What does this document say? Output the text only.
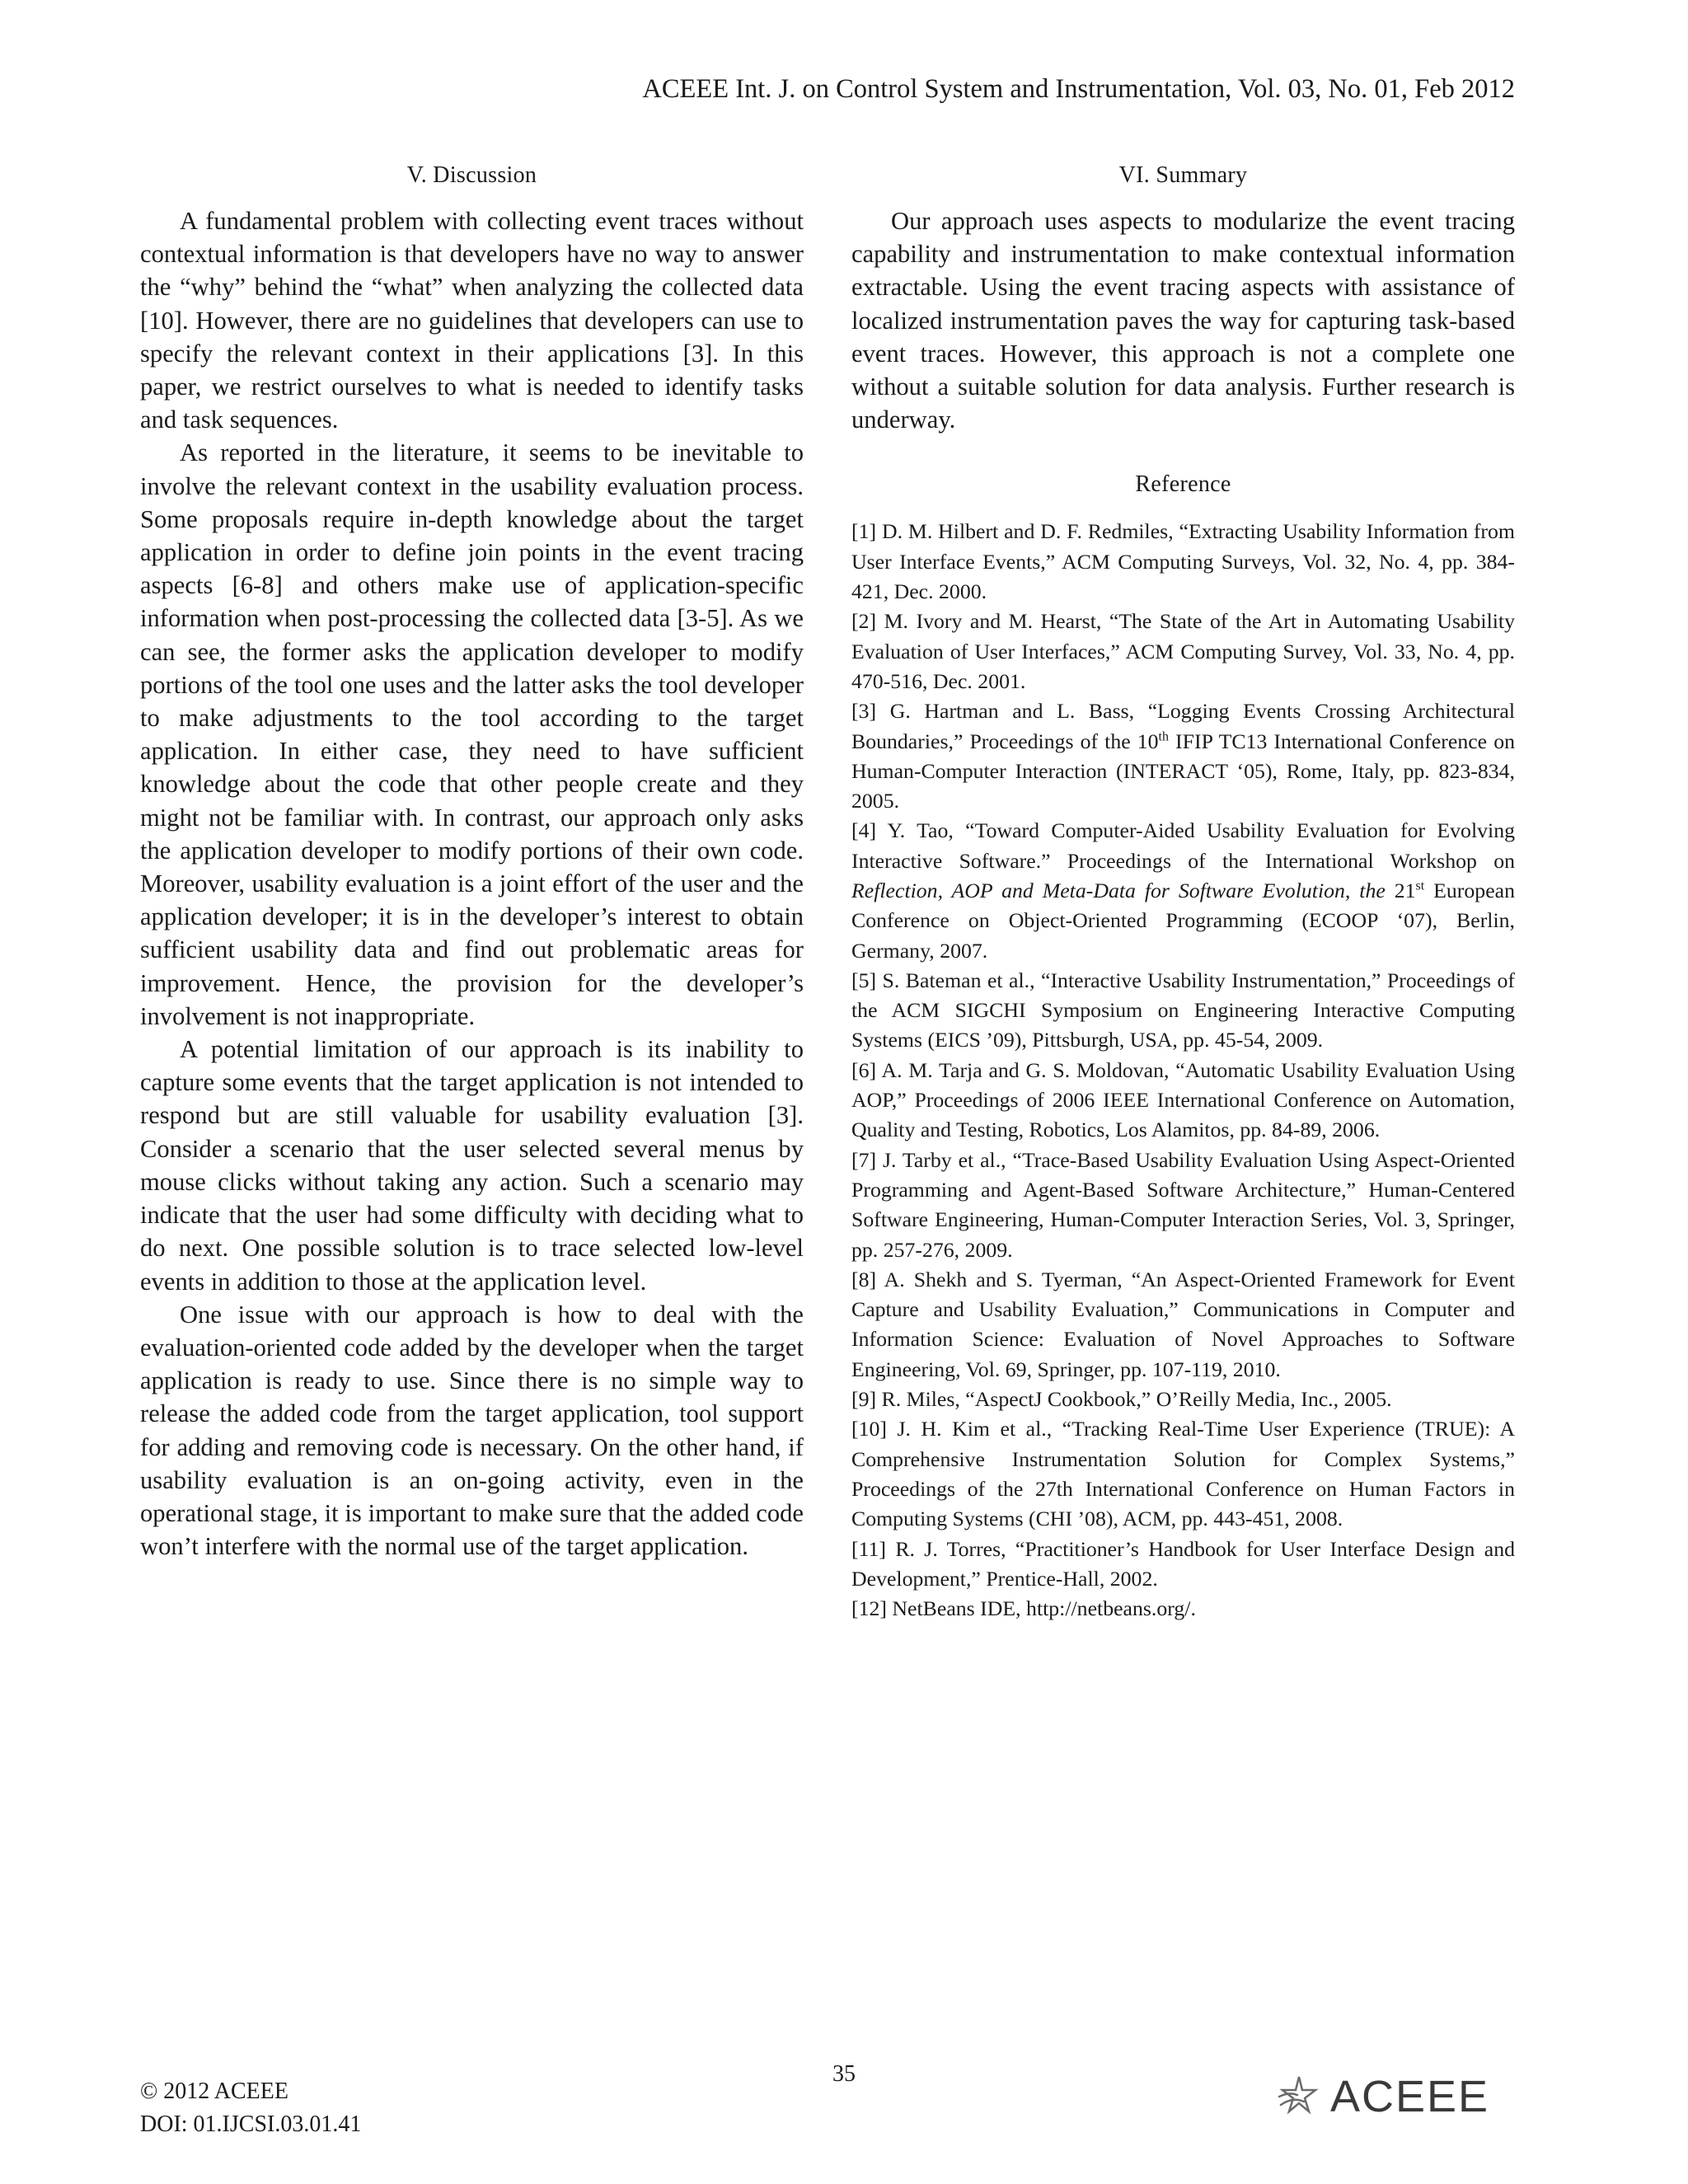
ACEEE Int. J. on Control System and Instrumentation, Vol. 03, No. 01, Feb 2012
V. Discussion

A fundamental problem with collecting event traces without contextual information is that developers have no way to answer the “why” behind the “what” when analyzing the collected data [10]. However, there are no guidelines that developers can use to specify the relevant context in their applications [3]. In this paper, we restrict ourselves to what is needed to identify tasks and task sequences.

As reported in the literature, it seems to be inevitable to involve the relevant context in the usability evaluation process. Some proposals require in-depth knowledge about the target application in order to define join points in the event tracing aspects [6-8] and others make use of application-specific information when post-processing the collected data [3-5]. As we can see, the former asks the application developer to modify portions of the tool one uses and the latter asks the tool developer to make adjustments to the tool according to the target application. In either case, they need to have sufficient knowledge about the code that other people create and they might not be familiar with. In contrast, our approach only asks the application developer to modify portions of their own code. Moreover, usability evaluation is a joint effort of the user and the application developer; it is in the developer’s interest to obtain sufficient usability data and find out problematic areas for improvement. Hence, the provision for the developer’s involvement is not inappropriate.

A potential limitation of our approach is its inability to capture some events that the target application is not intended to respond but are still valuable for usability evaluation [3]. Consider a scenario that the user selected several menus by mouse clicks without taking any action. Such a scenario may indicate that the user had some difficulty with deciding what to do next. One possible solution is to trace selected low-level events in addition to those at the application level.

One issue with our approach is how to deal with the evaluation-oriented code added by the developer when the target application is ready to use. Since there is no simple way to release the added code from the target application, tool support for adding and removing code is necessary. On the other hand, if usability evaluation is an on-going activity, even in the operational stage, it is important to make sure that the added code won’t interfere with the normal use of the target application.

VI. Summary

Our approach uses aspects to modularize the event tracing capability and instrumentation to make contextual information extractable. Using the event tracing aspects with assistance of localized instrumentation paves the way for capturing task-based event traces. However, this approach is not a complete one without a suitable solution for data analysis. Further research is underway.

Reference
[1] D. M. Hilbert and D. F. Redmiles, “Extracting Usability Information from User Interface Events,” ACM Computing Surveys, Vol. 32, No. 4, pp. 384-421, Dec. 2000.
[2] M. Ivory and M. Hearst, “The State of the Art in Automating Usability Evaluation of User Interfaces,” ACM Computing Survey, Vol. 33, No. 4, pp. 470-516, Dec. 2001.
[3] G. Hartman and L. Bass, “Logging Events Crossing Architectural Boundaries,” Proceedings of the 10th IFIP TC13 International Conference on Human-Computer Interaction (INTERACT ‘05), Rome, Italy, pp. 823-834, 2005.
[4] Y. Tao, “Toward Computer-Aided Usability Evaluation for Evolving Interactive Software.” Proceedings of the International Workshop on Reflection, AOP and Meta-Data for Software Evolution, the 21st European Conference on Object-Oriented Programming (ECOOP ‘07), Berlin, Germany, 2007.
[5] S. Bateman et al., “Interactive Usability Instrumentation,” Proceedings of the ACM SIGCHI Symposium on Engineering Interactive Computing Systems (EICS ’09), Pittsburgh, USA, pp. 45-54, 2009.
[6] A. M. Tarja and G. S. Moldovan, “Automatic Usability Evaluation Using AOP,” Proceedings of 2006 IEEE International Conference on Automation, Quality and Testing, Robotics, Los Alamitos, pp. 84-89, 2006.
[7] J. Tarby et al., “Trace-Based Usability Evaluation Using Aspect-Oriented Programming and Agent-Based Software Architecture,” Human-Centered Software Engineering, Human-Computer Interaction Series, Vol. 3, Springer, pp. 257-276, 2009.
[8] A. Shekh and S. Tyerman, “An Aspect-Oriented Framework for Event Capture and Usability Evaluation,” Communications in Computer and Information Science: Evaluation of Novel Approaches to Software Engineering, Vol. 69, Springer, pp. 107-119, 2010.
[9] R. Miles, “AspectJ Cookbook,” O’Reilly Media, Inc., 2005.
[10] J. H. Kim et al., “Tracking Real-Time User Experience (TRUE): A Comprehensive Instrumentation Solution for Complex Systems,” Proceedings of the 27th International Conference on Human Factors in Computing Systems (CHI ’08), ACM, pp. 443-451, 2008.
[11] R. J. Torres, “Practitioner’s Handbook for User Interface Design and Development,” Prentice-Hall, 2002.
[12] NetBeans IDE, http://netbeans.org/.
35
© 2012 ACEEE
DOI: 01.IJCSI.03.01.41
ACEEE
